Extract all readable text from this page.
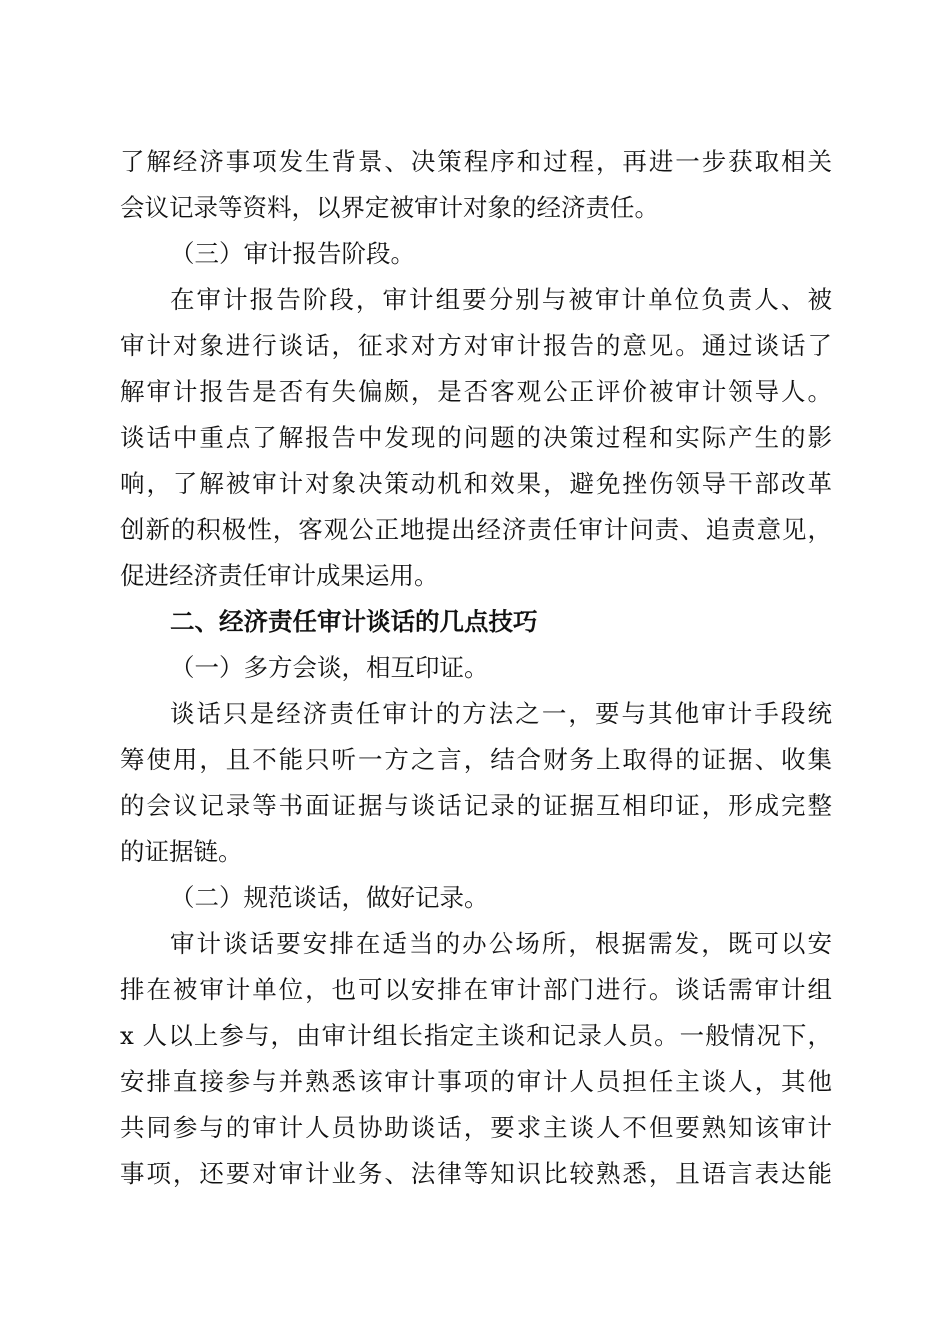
了解经济事项发生背景、决策程序和过程，再进一步获取相关
会议记录等资料，以界定被审计对象的经济责任。
（三）审计报告阶段。
在审计报告阶段，审计组要分别与被审计单位负责人、被
审计对象进行谈话，征求对方对审计报告的意见。通过谈话了
解审计报告是否有失偏颇，是否客观公正评价被审计领导人。
谈话中重点了解报告中发现的问题的决策过程和实际产生的影
响，了解被审计对象决策动机和效果，避免挫伤领导干部改革
创新的积极性，客观公正地提出经济责任审计问责、追责意见，
促进经济责任审计成果运用。
二、经济责任审计谈话的几点技巧
（一）多方会谈，相互印证。
谈话只是经济责任审计的方法之一，要与其他审计手段统
筹使用，且不能只听一方之言，结合财务上取得的证据、收集
的会议记录等书面证据与谈话记录的证据互相印证，形成完整
的证据链。
（二）规范谈话，做好记录。
审计谈话要安排在适当的办公场所，根据需发，既可以安
排在被审计单位，也可以安排在审计部门进行。谈话需审计组
x 人以上参与，由审计组长指定主谈和记录人员。一般情况下，
安排直接参与并熟悉该审计事项的审计人员担任主谈人，其他
共同参与的审计人员协助谈话，要求主谈人不但要熟知该审计
事项，还要对审计业务、法律等知识比较熟悉，且语言表达能
